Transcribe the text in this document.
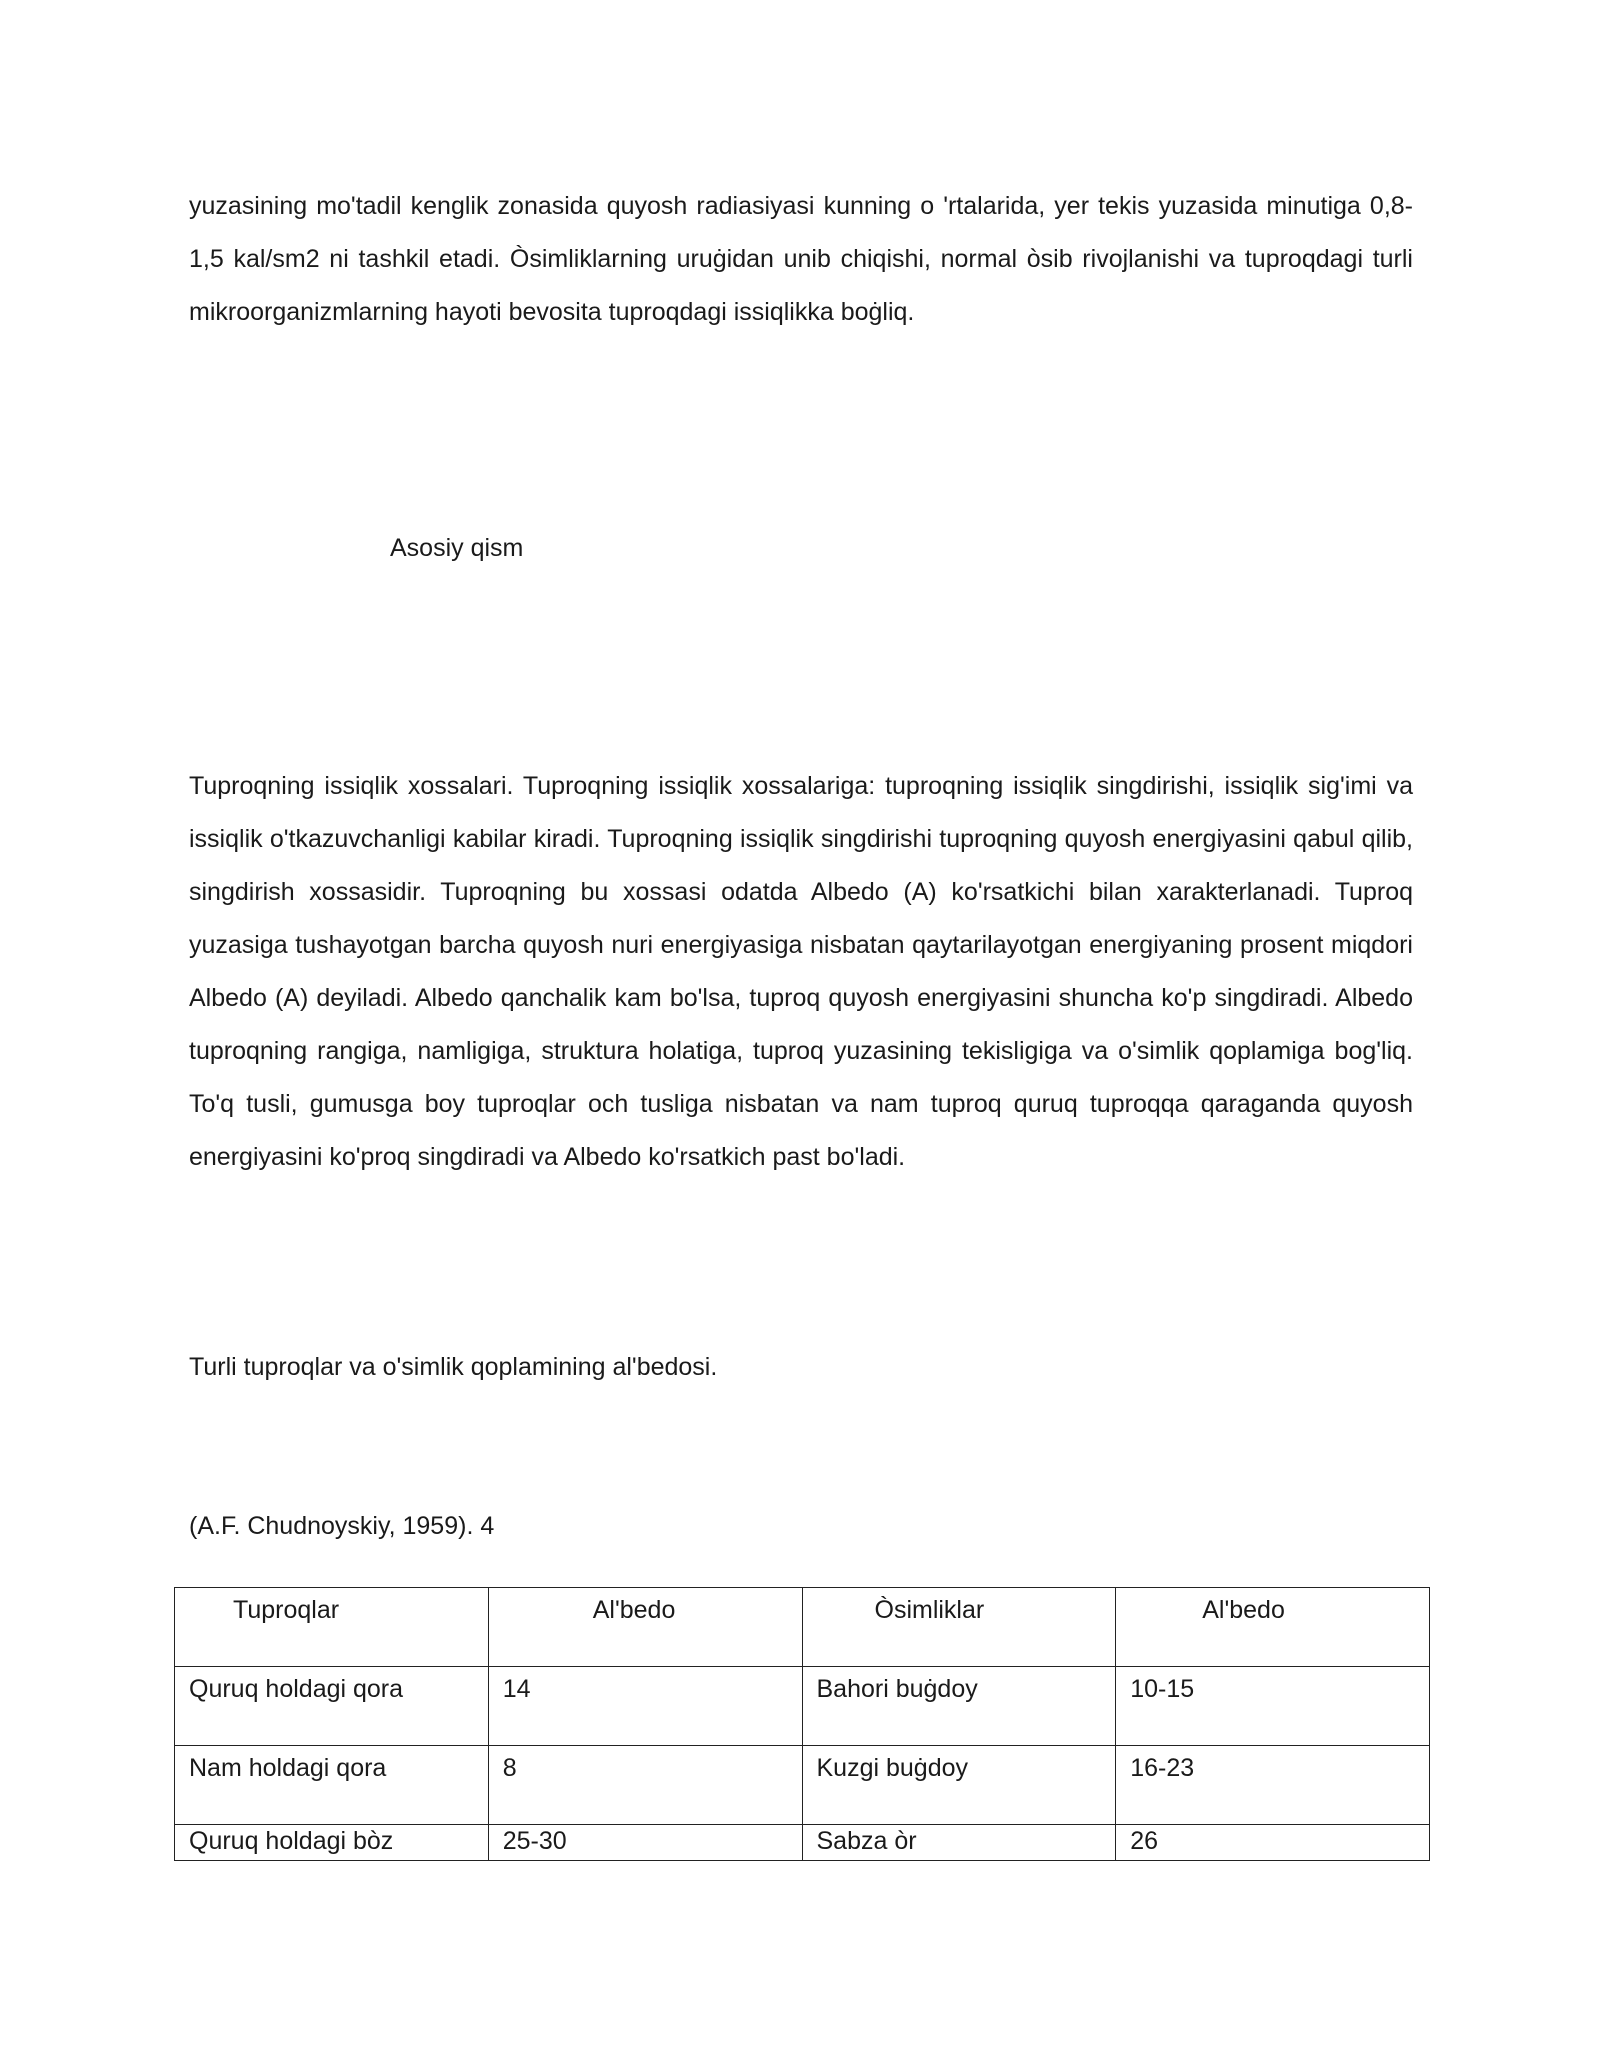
yuzasining mo'tadil kenglik zonasida quyosh radiasiyasi kunning o 'rtalarida, yer tekis yuzasida minutiga 0,8-1,5 kal/sm2 ni tashkil etadi. Òsimliklarning uruġidan unib chiqishi, normal òsib rivojlanishi va tuproqdagi turli mikroorganizmlarning hayoti bevosita tuproqdagi issiqlikka boġliq.

Asosiy qism

Tuproqning issiqlik xossalari. Tuproqning issiqlik xossalariga: tuproqning issiqlik singdirishi, issiqlik sig'imi va issiqlik o'tkazuvchanligi kabilar kiradi. Tuproqning issiqlik singdirishi tuproqning quyosh energiyasini qabul qilib, singdirish xossasidir. Tuproqning bu xossasi odatda Albedo (A) ko'rsatkichi bilan xarakterlanadi. Tuproq yuzasiga tushayotgan barcha quyosh nuri energiyasiga nisbatan qaytarilayotgan energiyaning prosent miqdori Albedo (A) deyiladi. Albedo qanchalik kam bo'lsa, tuproq quyosh energiyasini shuncha ko'p singdiradi. Albedo tuproqning rangiga, namligiga, struktura holatiga, tuproq yuzasining tekisligiga va o'simlik qoplamiga bog'liq. To'q tusli, gumusga boy tuproqlar och tusliga nisbatan va nam tuproq quruq tuproqqa qaraganda quyosh energiyasini ko'proq singdiradi va Albedo ko'rsatkich past bo'ladi.

Turli tuproqlar va o'simlik qoplamining al'bedosi.

(A.F. Chudnoyskiy, 1959). 4

Tuproqlar	Al'bedo	Òsimliklar	Al'bedo
Quruq holdagi qora	14	Bahori buġdoy	10-15
Nam holdagi qora	8	Kuzgi buġdoy	16-23
Quruq holdagi bòz	25-30	Sabza òr	26
